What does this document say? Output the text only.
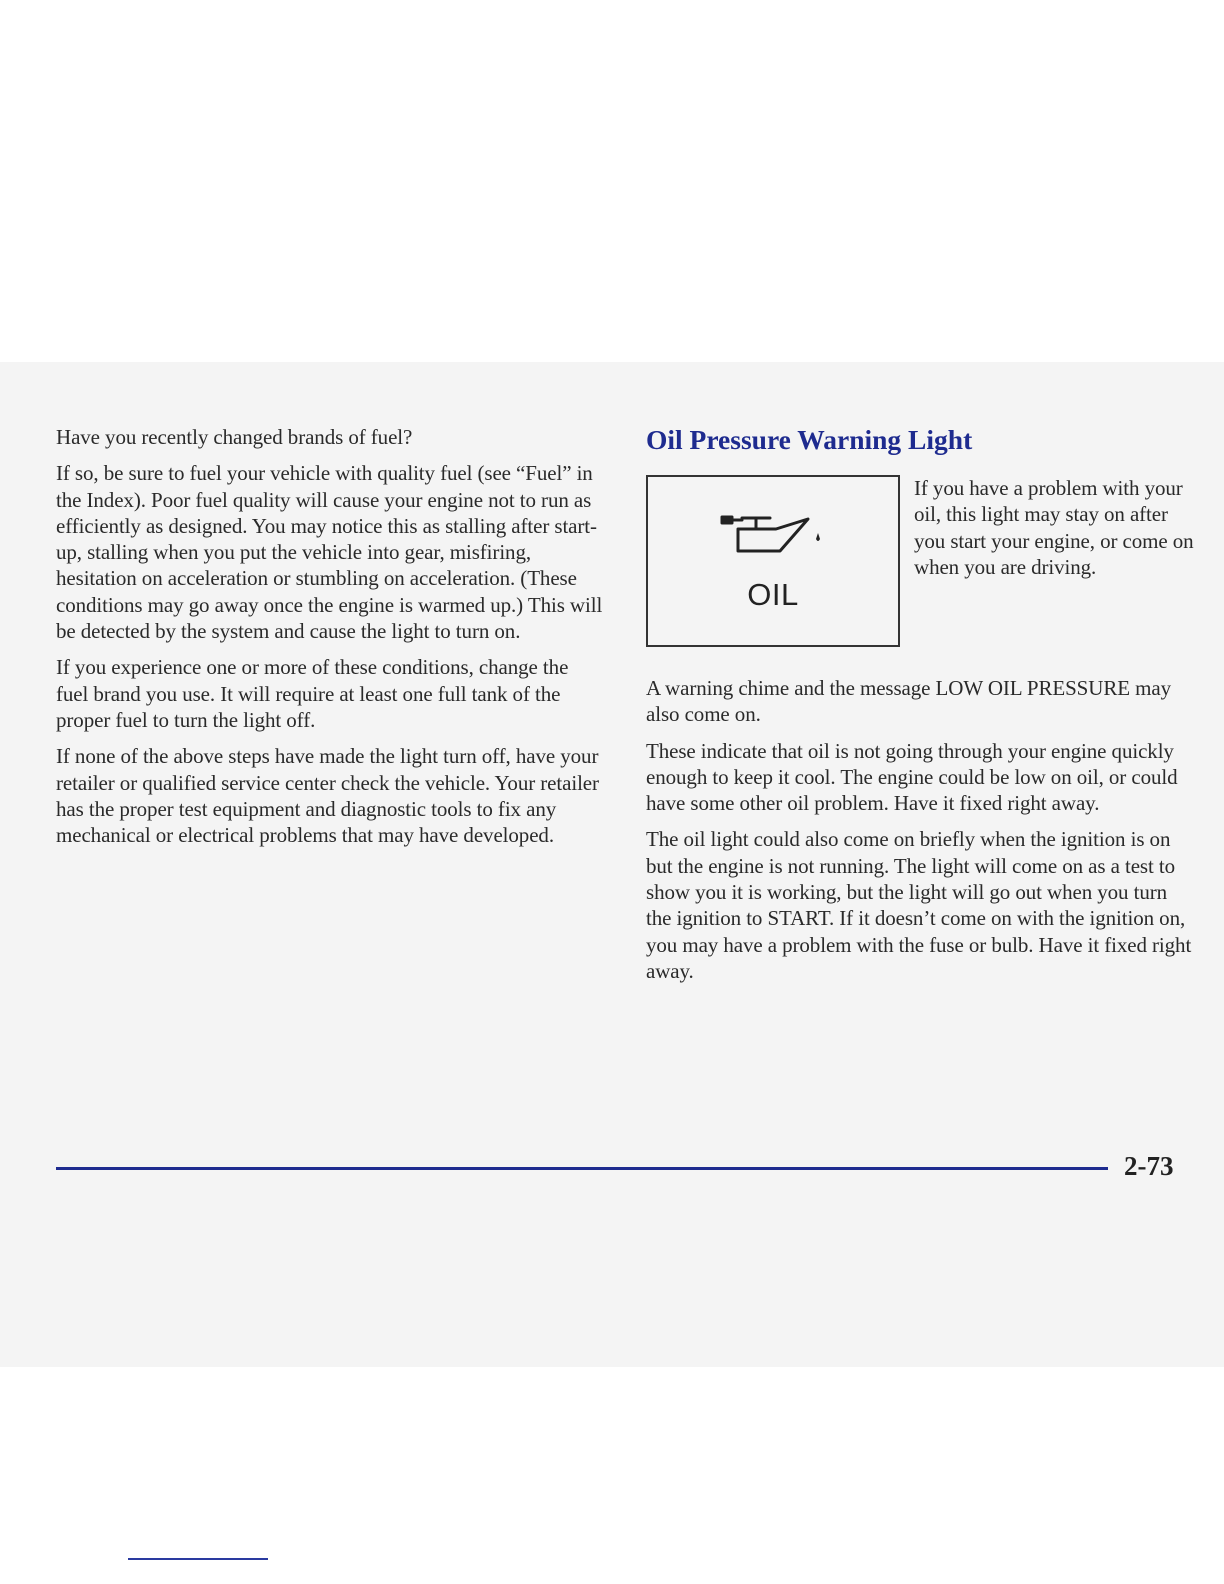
Have you recently changed brands of fuel?

If so, be sure to fuel your vehicle with quality fuel (see “Fuel” in the Index). Poor fuel quality will cause your engine not to run as efficiently as designed. You may notice this as stalling after start-up, stalling when you put the vehicle into gear, misfiring, hesitation on acceleration or stumbling on acceleration. (These conditions may go away once the engine is warmed up.) This will be detected by the system and cause the light to turn on.

If you experience one or more of these conditions, change the fuel brand you use. It will require at least one full tank of the proper fuel to turn the light off.

If none of the above steps have made the light turn off, have your retailer or qualified service center check the vehicle. Your retailer has the proper test equipment and diagnostic tools to fix any mechanical or electrical problems that may have developed.

Oil Pressure Warning Light
OIL

If you have a problem with your oil, this light may stay on after you start your engine, or come on when you are driving.

A warning chime and the message LOW OIL PRESSURE may also come on.

These indicate that oil is not going through your engine quickly enough to keep it cool. The engine could be low on oil, or could have some other oil problem. Have it fixed right away.

The oil light could also come on briefly when the ignition is on but the engine is not running. The light will come on as a test to show you it is working, but the light will go out when you turn the ignition to START. If it doesn’t come on with the ignition on, you may have a problem with the fuse or bulb. Have it fixed right away.

2-73
